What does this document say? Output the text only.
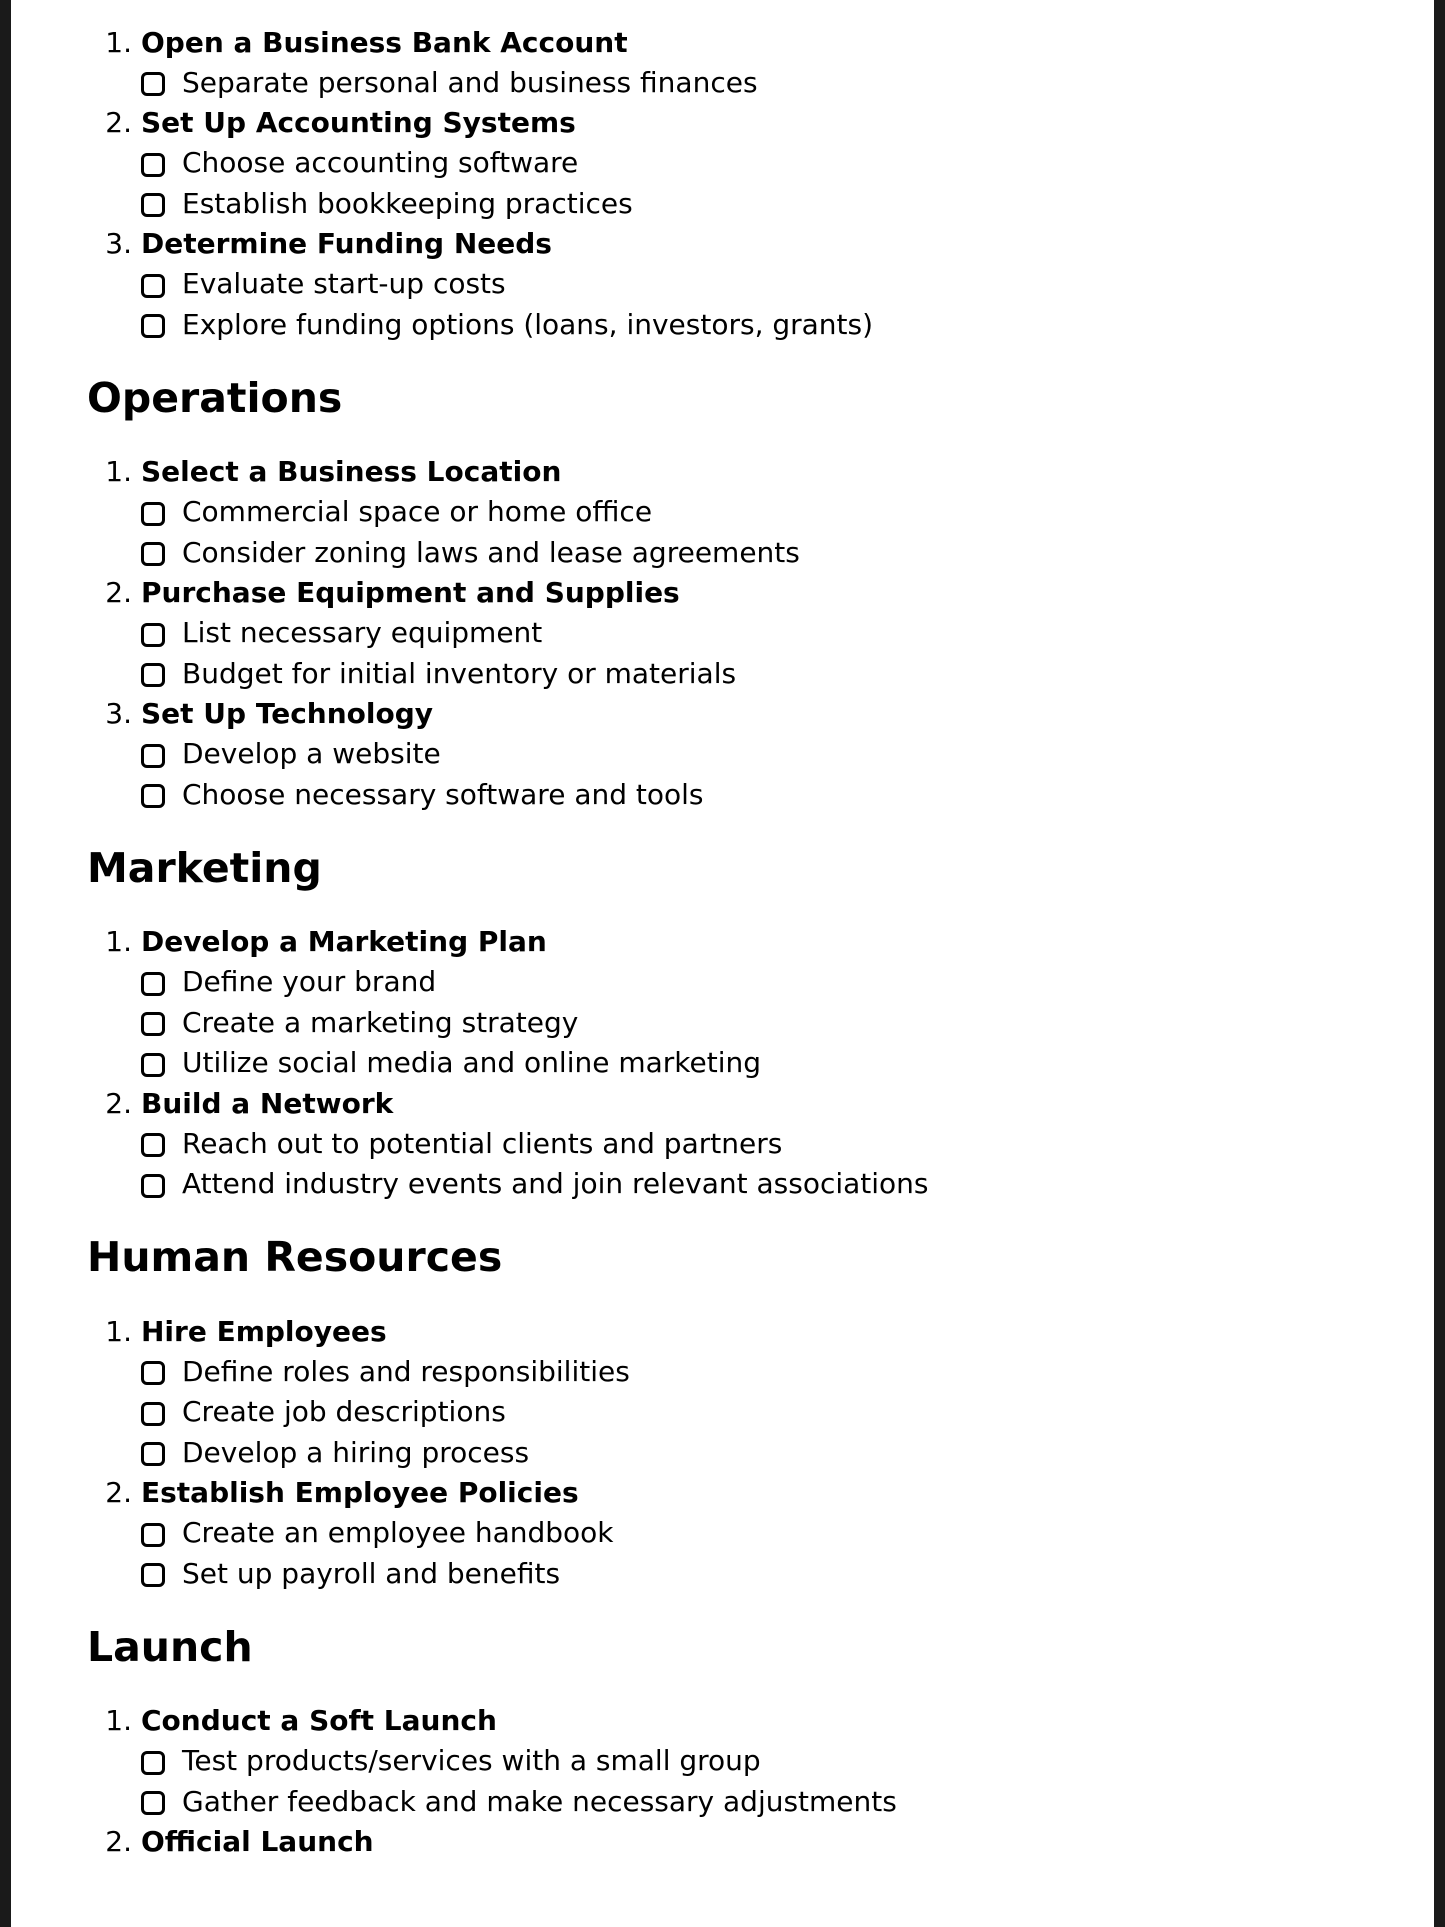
1. Open a Business Bank Account
Separate personal and business finances
2. Set Up Accounting Systems
Choose accounting software
Establish bookkeeping practices
3. Determine Funding Needs
Evaluate start-up costs
Explore funding options (loans, investors, grants)
Operations
1. Select a Business Location
Commercial space or home office
Consider zoning laws and lease agreements
2. Purchase Equipment and Supplies
List necessary equipment
Budget for initial inventory or materials
3. Set Up Technology
Develop a website
Choose necessary software and tools
Marketing
1. Develop a Marketing Plan
Define your brand
Create a marketing strategy
Utilize social media and online marketing
2. Build a Network
Reach out to potential clients and partners
Attend industry events and join relevant associations
Human Resources
1. Hire Employees
Define roles and responsibilities
Create job descriptions
Develop a hiring process
2. Establish Employee Policies
Create an employee handbook
Set up payroll and benefits
Launch
1. Conduct a Soft Launch
Test products/services with a small group
Gather feedback and make necessary adjustments
2. Official Launch
